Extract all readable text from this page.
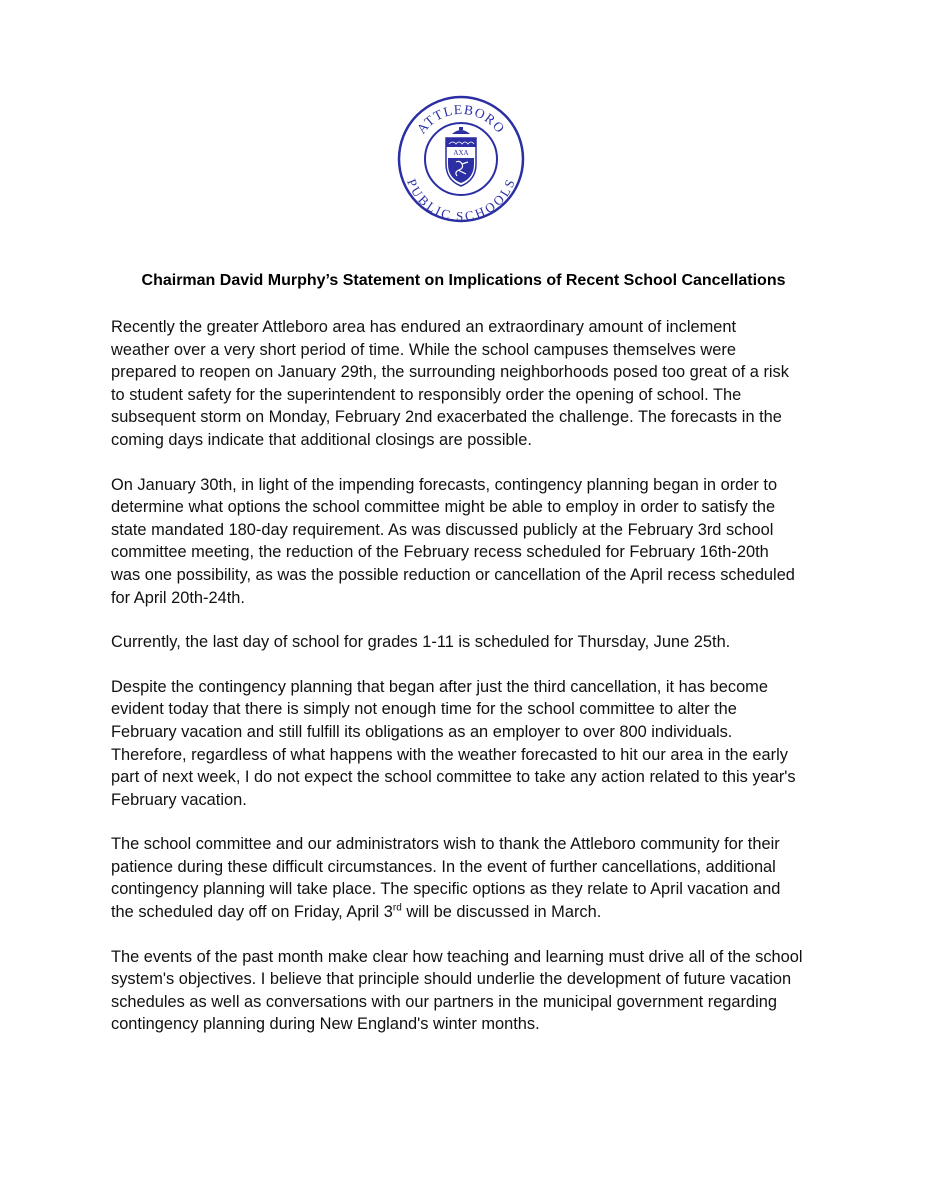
ATTLEBORO
PUBLIC SCHOOLS
AXA
Chairman David Murphy’s Statement on Implications of Recent School Cancellations

Recently the greater Attleboro area has endured an extraordinary amount of inclement
weather over a very short period of time. While the school campuses themselves were
prepared to reopen on January 29th, the surrounding neighborhoods posed too great of a risk
to student safety for the superintendent to responsibly order the opening of school. The
subsequent storm on Monday, February 2nd exacerbated the challenge. The forecasts in the
coming days indicate that additional closings are possible.

On January 30th, in light of the impending forecasts, contingency planning began in order to
determine what options the school committee might be able to employ in order to satisfy the
state mandated 180-day requirement. As was discussed publicly at the February 3rd school
committee meeting, the reduction of the February recess scheduled for February 16th-20th
was one possibility, as was the possible reduction or cancellation of the April recess scheduled
for April 20th-24th.

Currently, the last day of school for grades 1-11 is scheduled for Thursday, June 25th.

Despite the contingency planning that began after just the third cancellation, it has become
evident today that there is simply not enough time for the school committee to alter the
February vacation and still fulfill its obligations as an employer to over 800 individuals.
Therefore, regardless of what happens with the weather forecasted to hit our area in the early
part of next week, I do not expect the school committee to take any action related to this year's
February vacation.

The school committee and our administrators wish to thank the Attleboro community for their
patience during these difficult circumstances. In the event of further cancellations, additional
contingency planning will take place. The specific options as they relate to April vacation and
the scheduled day off on Friday, April 3rd will be discussed in March.

The events of the past month make clear how teaching and learning must drive all of the school
system's objectives. I believe that principle should underlie the development of future vacation
schedules as well as conversations with our partners in the municipal government regarding
contingency planning during New England's winter months.
